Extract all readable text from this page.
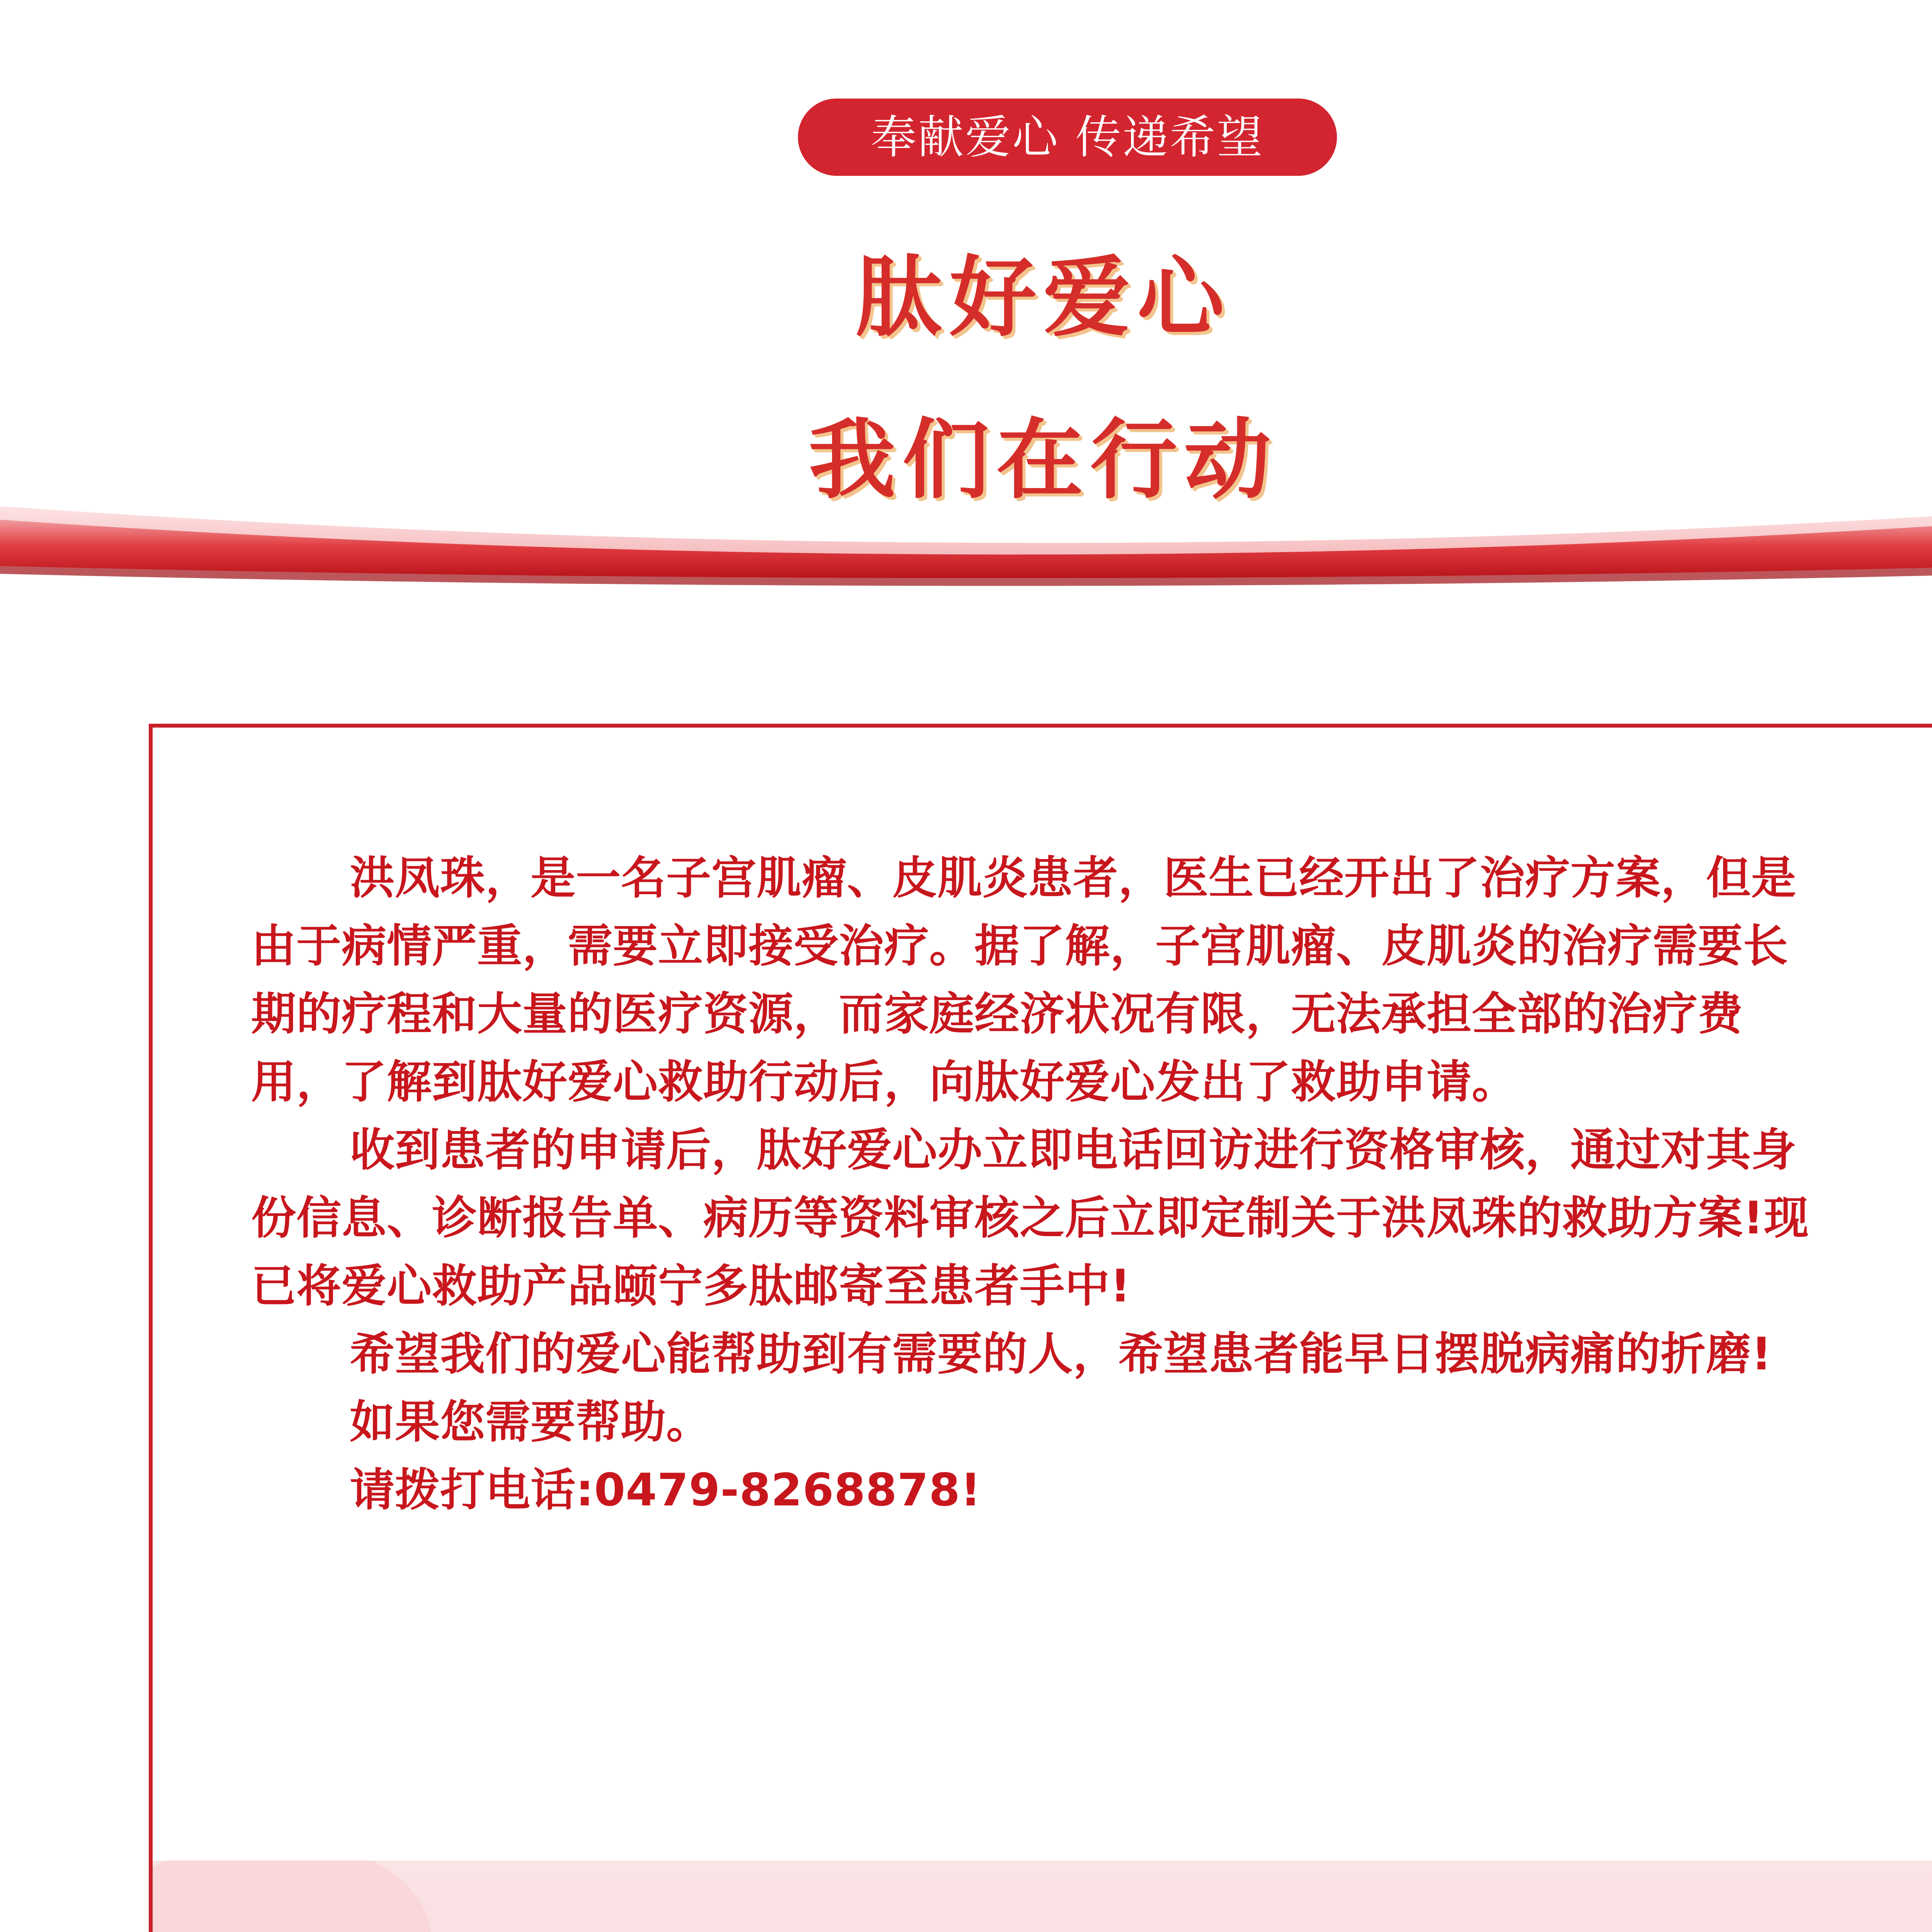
奉献爱心 传递希望
肽好爱心
我们在行动

洪凤珠，是一名子宫肌瘤、皮肌炎患者，医生已经开出了治疗方案，但是由于病情严重，需要立即接受治疗。据了解，子宫肌瘤、皮肌炎的治疗需要长期的疗程和大量的医疗资源，而家庭经济状况有限，无法承担全部的治疗费用，了解到肽好爱心救助行动后，向肽好爱心发出了救助申请。

收到患者的申请后，肽好爱心办立即电话回访进行资格审核，通过对其身份信息、诊断报告单、病历等资料审核之后立即定制关于洪凤珠的救助方案!现已将爱心救助产品颐宁多肽邮寄至患者手中!

希望我们的爱心能帮助到有需要的人，希望患者能早日摆脱病痛的折磨!

如果您需要帮助。

请拨打电话:0479-8268878!
